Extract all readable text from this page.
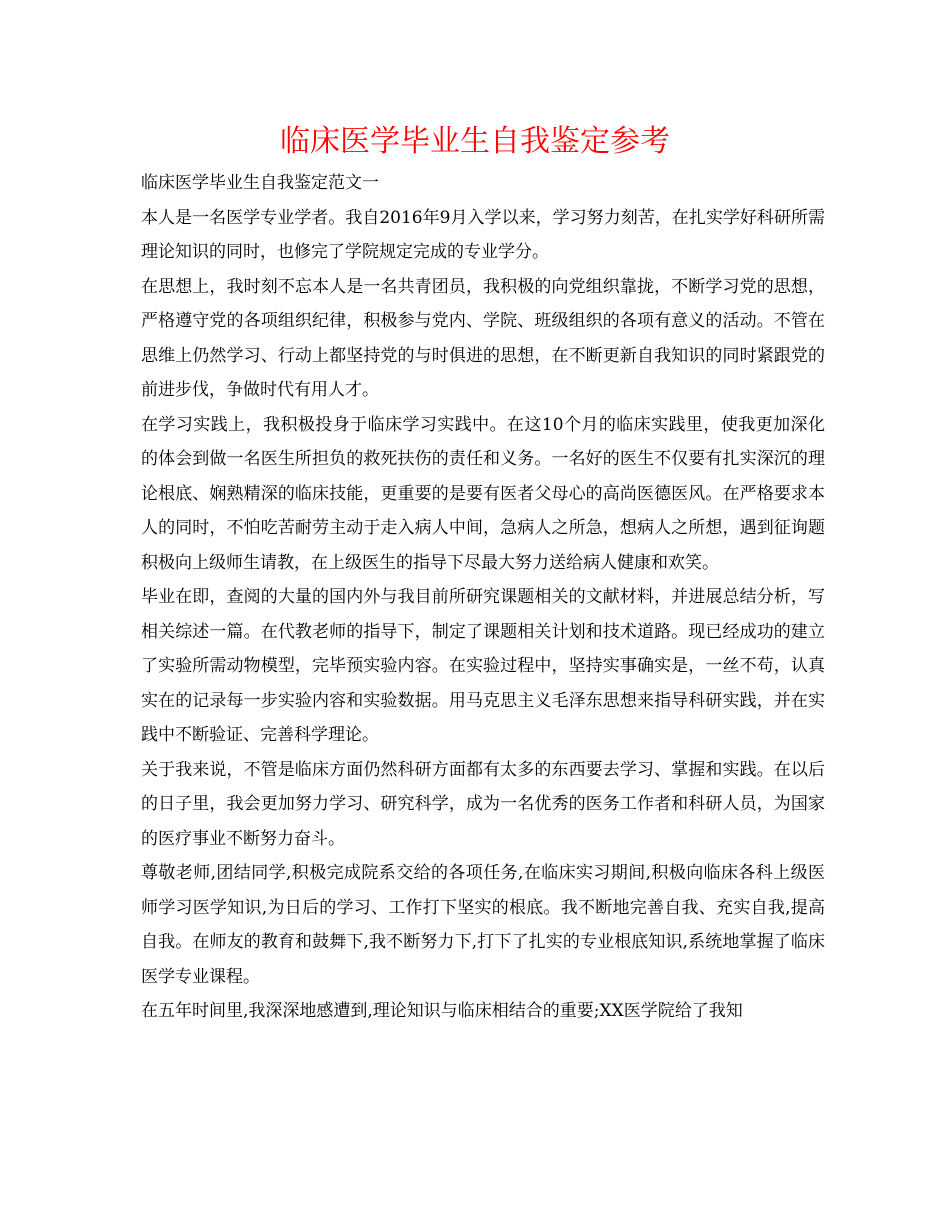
临床医学毕业生自我鉴定参考

临床医学毕业生自我鉴定范文一

本人是一名医学专业学者。我自2016年9月入学以来，学习努力刻苦，在扎实学好科研所需理论知识的同时，也修完了学院规定完成的专业学分。

在思想上，我时刻不忘本人是一名共青团员，我积极的向党组织靠拢，不断学习党的思想，严格遵守党的各项组织纪律，积极参与党内、学院、班级组织的各项有意义的活动。不管在思维上仍然学习、行动上都坚持党的与时俱进的思想，在不断更新自我知识的同时紧跟党的前进步伐，争做时代有用人才。

在学习实践上，我积极投身于临床学习实践中。在这10个月的临床实践里，使我更加深化的体会到做一名医生所担负的救死扶伤的责任和义务。一名好的医生不仅要有扎实深沉的理论根底、娴熟精深的临床技能，更重要的是要有医者父母心的高尚医德医风。在严格要求本人的同时，不怕吃苦耐劳主动于走入病人中间，急病人之所急，想病人之所想，遇到征询题积极向上级师生请教，在上级医生的指导下尽最大努力送给病人健康和欢笑。

毕业在即，查阅的大量的国内外与我目前所研究课题相关的文献材料，并进展总结分析，写相关综述一篇。在代教老师的指导下，制定了课题相关计划和技术道路。现已经成功的建立了实验所需动物模型，完毕预实验内容。在实验过程中，坚持实事确实是，一丝不苟，认真实在的记录每一步实验内容和实验数据。用马克思主义毛泽东思想来指导科研实践，并在实践中不断验证、完善科学理论。

关于我来说，不管是临床方面仍然科研方面都有太多的东西要去学习、掌握和实践。在以后的日子里，我会更加努力学习、研究科学，成为一名优秀的医务工作者和科研人员，为国家的医疗事业不断努力奋斗。

尊敬老师,团结同学,积极完成院系交给的各项任务,在临床实习期间,积极向临床各科上级医师学习医学知识,为日后的学习、工作打下坚实的根底。我不断地完善自我、充实自我,提高自我。在师友的教育和鼓舞下,我不断努力下,打下了扎实的专业根底知识,系统地掌握了临床医学专业课程。

在五年时间里,我深深地感遭到,理论知识与临床相结合的重要;XX医学院给了我知
